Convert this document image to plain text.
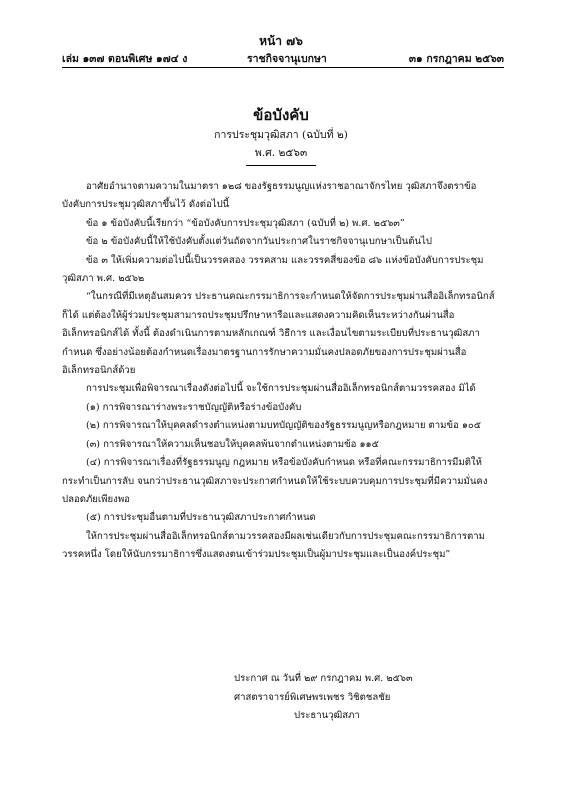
หน้า ๗๖
เล่ม ๑๓๗ ตอนพิเศษ ๑๗๔ ง	ราชกิจจานุเบกษา	๓๑ กรกฎาคม ๒๕๖๓
ข้อบังคับ
การประชุมวุฒิสภา (ฉบับที่ ๒)
พ.ศ. ๒๕๖๓

อาศัยอำนาจตามความในมาตรา ๑๒๘ ของรัฐธรรมนูญแห่งราชอาณาจักรไทย วุฒิสภาจึงตราข้อบังคับการประชุมวุฒิสภาขึ้นไว้ ดังต่อไปนี้

ข้อ ๑ ข้อบังคับนี้เรียกว่า “ข้อบังคับการประชุมวุฒิสภา (ฉบับที่ ๒) พ.ศ. ๒๕๖๓”

ข้อ ๒ ข้อบังคับนี้ให้ใช้บังคับตั้งแต่วันถัดจากวันประกาศในราชกิจจานุเบกษาเป็นต้นไป

ข้อ ๓ ให้เพิ่มความต่อไปนี้เป็นวรรคสอง วรรคสาม และวรรคสี่ของข้อ ๘๖ แห่งข้อบังคับการประชุมวุฒิสภา พ.ศ. ๒๕๖๒

“ในกรณีที่มีเหตุอันสมควร ประธานคณะกรรมาธิการจะกำหนดให้จัดการประชุมผ่านสื่ออิเล็กทรอนิกส์ก็ได้ แต่ต้องให้ผู้ร่วมประชุมสามารถประชุมปรึกษาหารือและแสดงความคิดเห็นระหว่างกันผ่านสื่ออิเล็กทรอนิกส์ได้ ทั้งนี้ ต้องดำเนินการตามหลักเกณฑ์ วิธีการ และเงื่อนไขตามระเบียบที่ประธานวุฒิสภากำหนด ซึ่งอย่างน้อยต้องกำหนดเรื่องมาตรฐานการรักษาความมั่นคงปลอดภัยของการประชุมผ่านสื่ออิเล็กทรอนิกส์ด้วย

การประชุมเพื่อพิจารณาเรื่องดังต่อไปนี้ จะใช้การประชุมผ่านสื่ออิเล็กทรอนิกส์ตามวรรคสอง มิได้

(๑) การพิจารณาร่างพระราชบัญญัติหรือร่างข้อบังคับ

(๒) การพิจารณาให้บุคคลดำรงตำแหน่งตามบทบัญญัติของรัฐธรรมนูญหรือกฎหมาย ตามข้อ ๑๐๕

(๓) การพิจารณาให้ความเห็นชอบให้บุคคลพ้นจากตำแหน่งตามข้อ ๑๑๕

(๔) การพิจารณาเรื่องที่รัฐธรรมนูญ กฎหมาย หรือข้อบังคับกำหนด หรือที่คณะกรรมาธิการมีมติให้กระทำเป็นการลับ จนกว่าประธานวุฒิสภาจะประกาศกำหนดให้ใช้ระบบควบคุมการประชุมที่มีความมั่นคงปลอดภัยเพียงพอ

(๕) การประชุมอื่นตามที่ประธานวุฒิสภาประกาศกำหนด

ให้การประชุมผ่านสื่ออิเล็กทรอนิกส์ตามวรรคสองมีผลเช่นเดียวกับการประชุมคณะกรรมาธิการตามวรรคหนึ่ง โดยให้นับกรรมาธิการซึ่งแสดงตนเข้าร่วมประชุมเป็นผู้มาประชุมและเป็นองค์ประชุม”

ประกาศ ณ วันที่ ๒๙ กรกฎาคม พ.ศ. ๒๕๖๓

ศาสตราจารย์พิเศษพรเพชร วิชิตชลชัย

ประธานวุฒิสภา
